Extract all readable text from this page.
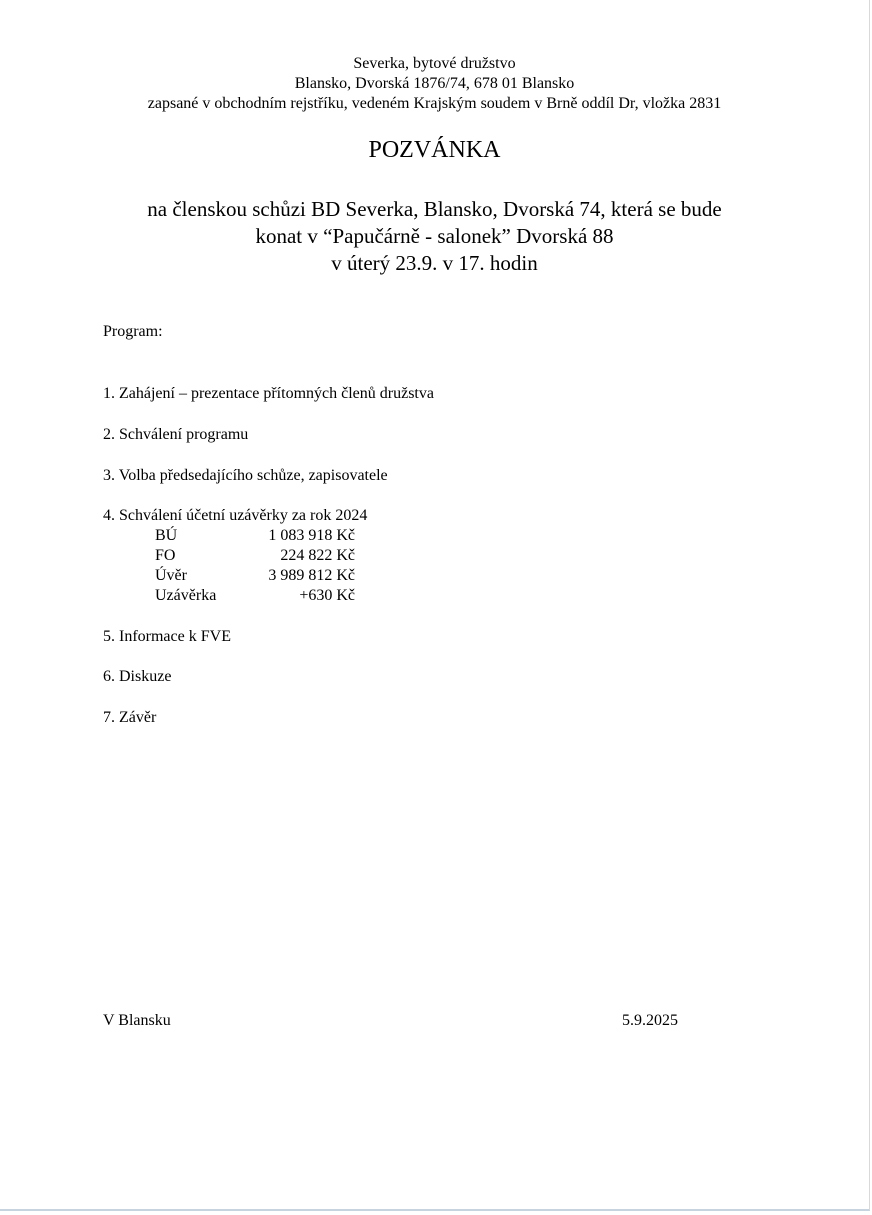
Severka, bytové družstvo
Blansko, Dvorská 1876/74, 678 01 Blansko
zapsané v obchodním rejstříku, vedeném Krajským soudem v Brně oddíl Dr, vložka 2831
POZVÁNKA
na členskou schůzi BD Severka, Blansko, Dvorská 74, která se bude
konat v “Papučárně - salonek” Dvorská 88
v úterý 23.9. v 17. hodin
Program:
1. Zahájení – prezentace přítomných členů družstva
2. Schválení programu
3. Volba předsedajícího schůze, zapisovatele
4. Schválení účetní uzávěrky za rok 2024
BÚ	1 083 918 Kč
FO	224 822 Kč
Úvěr	3 989 812 Kč
Uzávěrka	+630 Kč
5. Informace k FVE
6. Diskuze
7. Závěr
V Blansku	5.9.2025
